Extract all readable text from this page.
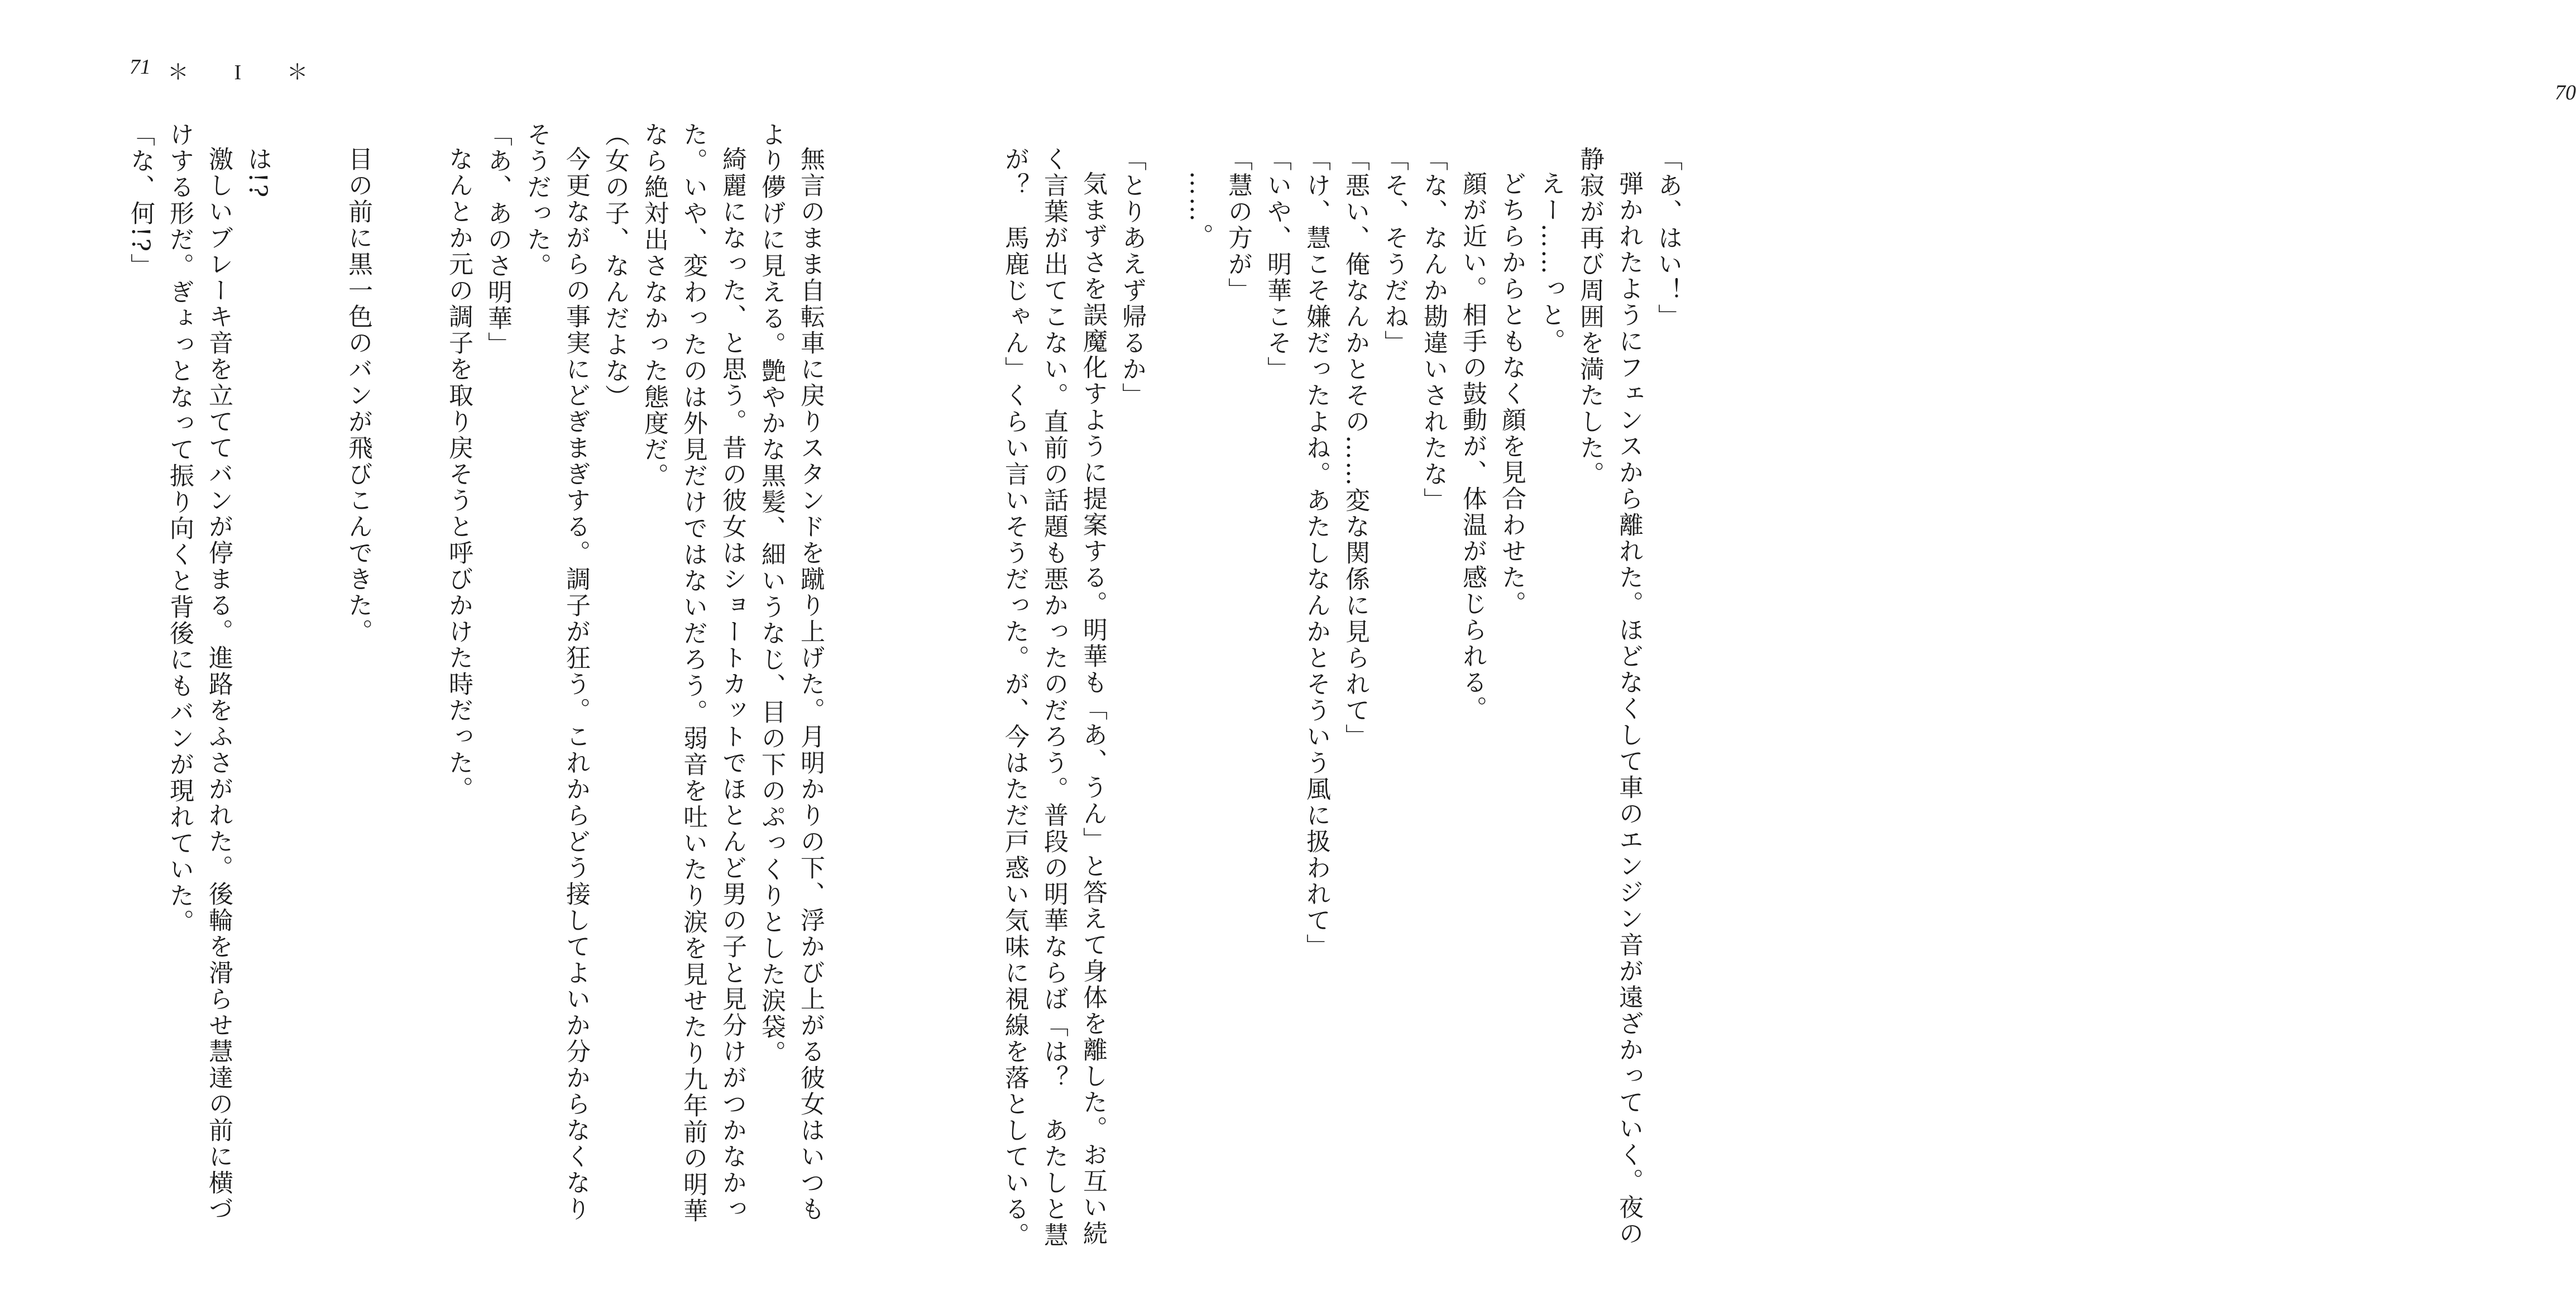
71 ＊ I ＊
無言のまま自転車に戻りスタンドを蹴り上げた。月明かりの下、浮かび上がる彼女はいつも
より儚げに見える。艶やかな黒髪、細いうなじ、目の下のぷっくりとした涙袋。
綺麗になった、と思う。昔の彼女はショートカットでほとんど男の子と見分けがつかなかっ
た。いや、変わったのは外見だけではないだろう。弱音を吐いたり涙を見せたり九年前の明華
なら絶対出さなかった態度だ。
（女の子、なんだよな）
今更ながらの事実にどぎまぎする。調子が狂う。これからどう接してよいか分からなくなり
そうだった。
「あ、あのさ明華」
なんとか元の調子を取り戻そうと呼びかけた時だった。
目の前に黒一色のバンが飛びこんできた。
は!?
激しいブレーキ音を立ててバンが停まる。進路をふさがれた。後輪を滑らせ慧達の前に横づ
けする形だ。ぎょっとなって振り向くと背後にもバンが現れていた。
「な、何!?」
70
「あ、はい！」
弾かれたようにフェンスから離れた。ほどなくして車のエンジン音が遠ざかっていく。夜の
静寂が再び周囲を満たした。
えー……っと。
どちらからともなく顔を見合わせた。
顔が近い。相手の鼓動が、体温が感じられる。
「な、なんか勘違いされたな」
「そ、そうだね」
「悪い、俺なんかとその……変な関係に見られて」
「け、慧こそ嫌だったよね。あたしなんかとそういう風に扱われて」
「いや、明華こそ」
「慧の方が」
……。
「とりあえず帰るか」
気まずさを誤魔化すように提案する。明華も「あ、うん」と答えて身体を離した。お互い続
く言葉が出てこない。直前の話題も悪かったのだろう。普段の明華ならば「は？　あたしと慧
が？　馬鹿じゃん」くらい言いそうだった。が、今はただ戸惑い気味に視線を落としている。
